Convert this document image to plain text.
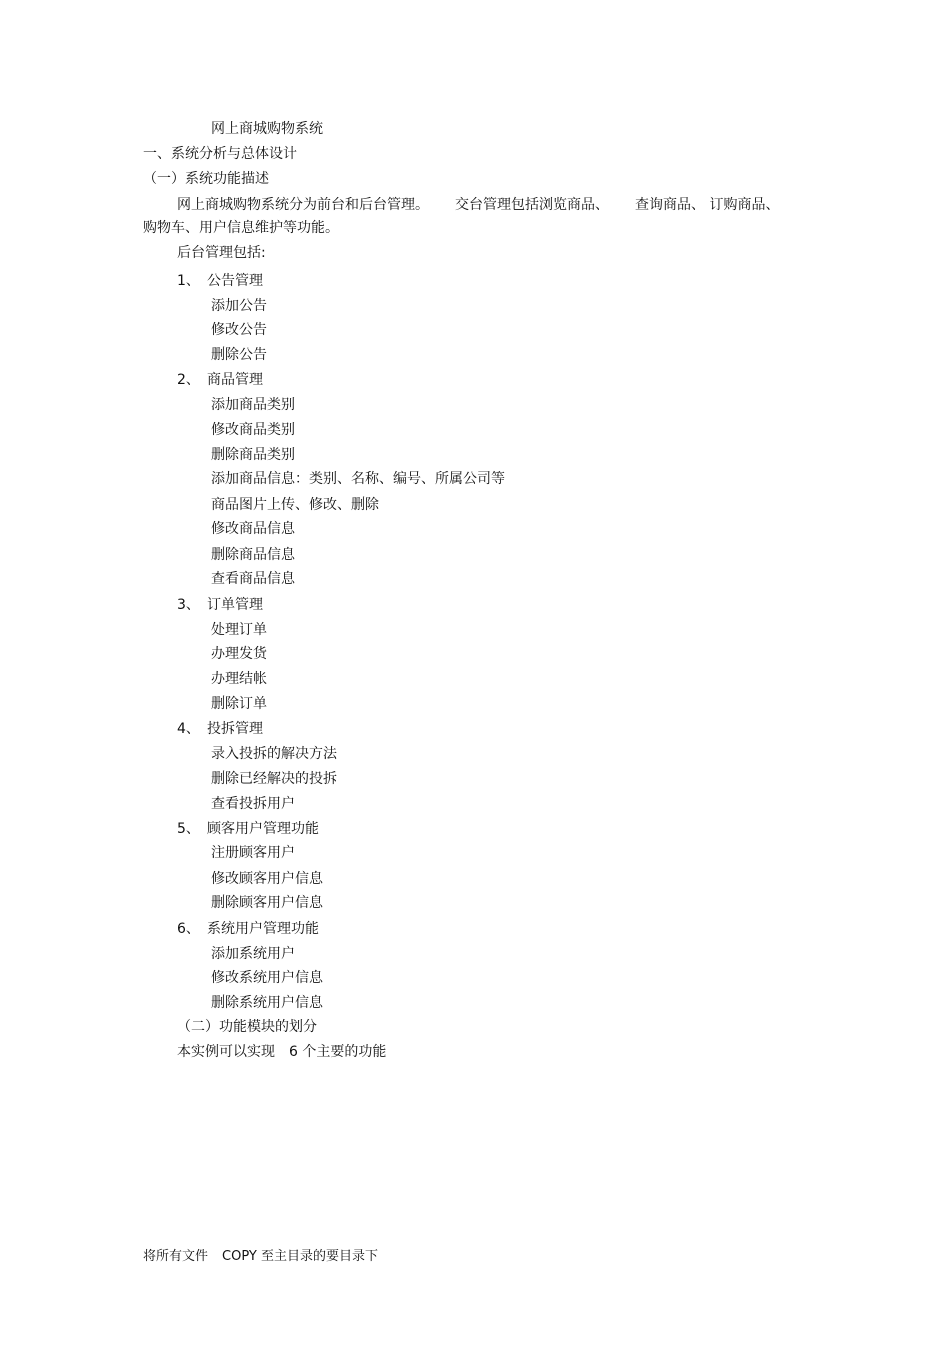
网上商城购物系统
一、系统分析与总体设计
（一）系统功能描述
网上商城购物系统分为前台和后台管理。 交台管理包括浏览商品、 查询商品、 订购商品、
购物车、用户信息维护等功能。
后台管理包括:
1、 公告管理
添加公告
修改公告
删除公告
2、 商品管理
添加商品类别
修改商品类别
删除商品类别
添加商品信息：类别、名称、编号、所属公司等
商品图片上传、修改、删除
修改商品信息
删除商品信息
查看商品信息
3、 订单管理
处理订单
办理发货
办理结帐
删除订单
4、 投拆管理
录入投拆的解决方法
删除已经解决的投拆
查看投拆用户
5、 顾客用户管理功能
注册顾客用户
修改顾客用户信息
删除顾客用户信息
6、 系统用户管理功能
添加系统用户
修改系统用户信息
删除系统用户信息
（二）功能模块的划分
本实例可以实现 6 个主要的功能
将所有文件 COPY 至主目录的要目录下
